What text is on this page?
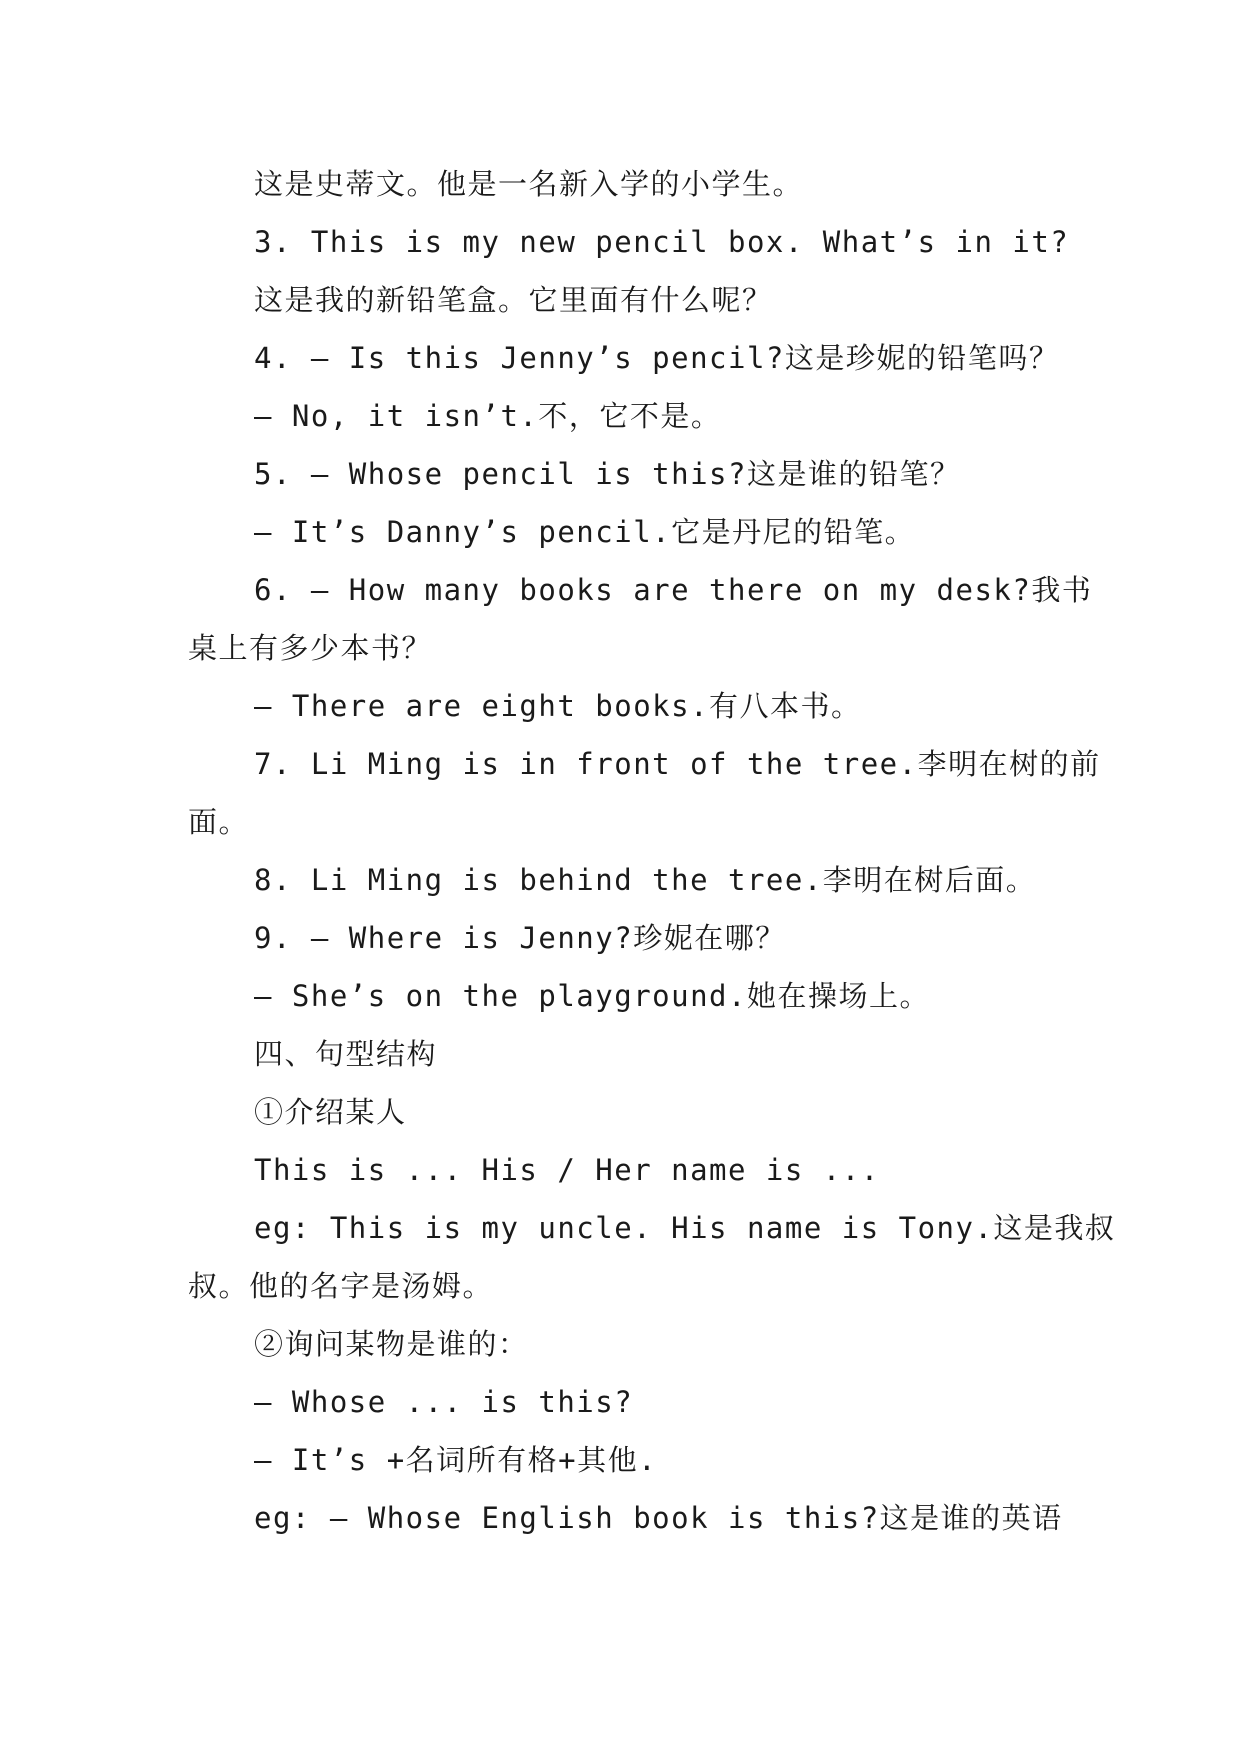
这是史蒂文。他是一名新入学的小学生。
3. This is my new pencil box. What’s in it?
这是我的新铅笔盒。它里面有什么呢？
4. — Is this Jenny’s pencil?这是珍妮的铅笔吗？
— No, it isn’t.不，它不是。
5. — Whose pencil is this?这是谁的铅笔？
— It’s Danny’s pencil.它是丹尼的铅笔。
6. — How many books are there on my desk?我书
桌上有多少本书？
— There are eight books.有八本书。
7. Li Ming is in front of the tree.李明在树的前
面。
8. Li Ming is behind the tree.李明在树后面。
9. — Where is Jenny?珍妮在哪？
— She’s on the playground.她在操场上。
四、句型结构
①介绍某人
This is ... His / Her name is ...
eg: This is my uncle. His name is Tony.这是我叔
叔。他的名字是汤姆。
②询问某物是谁的：
— Whose ... is this?
— It’s +名词所有格+其他.
eg: — Whose English book is this?这是谁的英语
